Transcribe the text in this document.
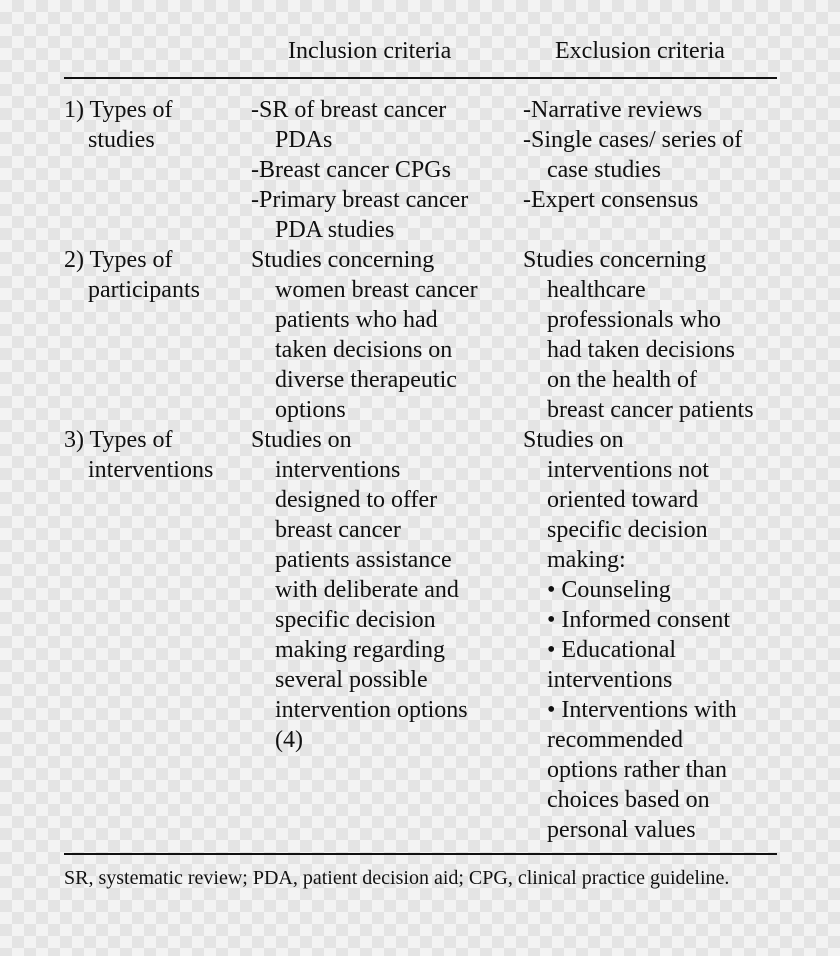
Inclusion criteria	Exclusion criteria
1) Types of
studies
2) Types of
participants
3) Types of
interventions
-SR of breast cancer
PDAs
-Breast cancer CPGs
-Primary breast cancer
PDA studies
Studies concerning
women breast cancer
patients who had
taken decisions on
diverse therapeutic
options
Studies on
interventions
designed to offer
breast cancer
patients assistance
with deliberate and
specific decision
making regarding
several possible
intervention options
(4)
-Narrative reviews
-Single cases/ series of
case studies
-Expert consensus
Studies concerning
healthcare
professionals who
had taken decisions
on the health of
breast cancer patients
Studies on
interventions not
oriented toward
specific decision
making:
• Counseling
• Informed consent
• Educational
interventions
• Interventions with
recommended
options rather than
choices based on
personal values
SR, systematic review; PDA, patient decision aid; CPG, clinical practice guideline.
